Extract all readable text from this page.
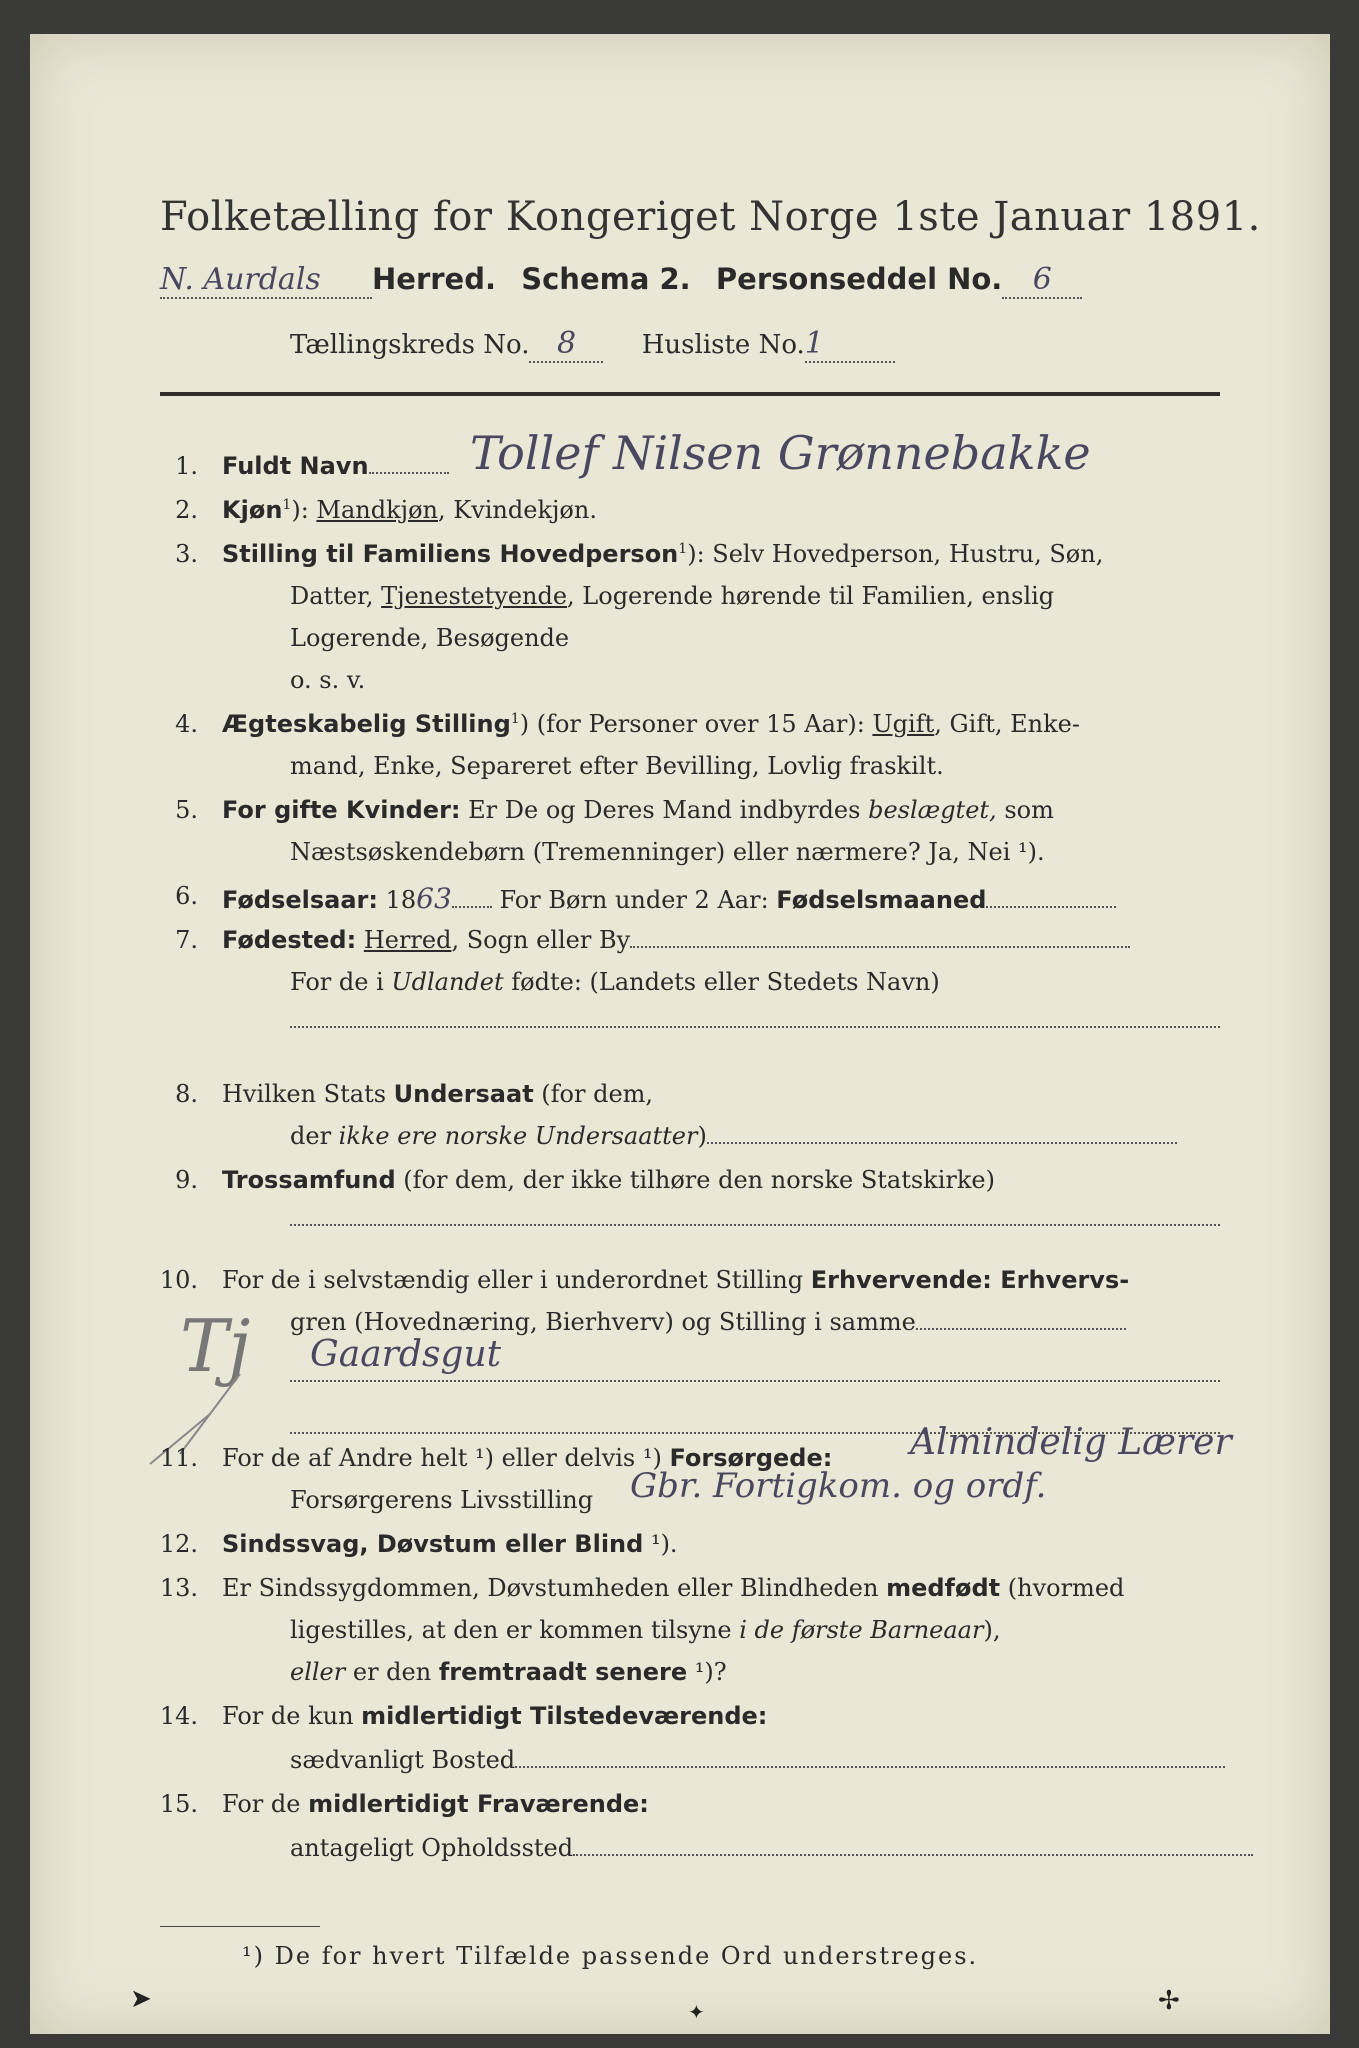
Folketælling for Kongeriget Norge 1ste Januar 1891.
N. Aurdals Herred. Schema 2. Personseddel No. 6
Tællingskreds No. 8	Husliste No.1
1. Fuldt Navn	Tollef Nilsen Grønnebakke
2. Kjøn$^1$): Mandkjøn, Kvindekjøn.
3. Stilling til Familiens Hovedperson$^1$): Selv Hovedperson, Hustru, Søn,
Datter, Tjenestetyende, Logerende hørende til Familien, enslig
Logerende, Besøgende
o. s. v.
4. Ægteskabelig Stilling$^1$) (for Personer over 15 Aar): Ugift, Gift, Enke-
mand, Enke, Separeret efter Bevilling, Lovlig fraskilt.
5. For gifte Kvinder: Er De og Deres Mand indbyrdes beslægtet, som
Næstsøskendebørn (Tremenninger) eller nærmere? Ja, Nei ¹).
6. Fødselsaar: 1863 For Børn under 2 Aar: Fødselsmaaned
7. Fødested: Herred, Sogn eller By
For de i Udlandet fødte: (Landets eller Stedets Navn)
8. Hvilken Stats Undersaat (for dem,
der ikke ere norske Undersaatter)
9. Trossamfund (for dem, der ikke tilhøre den norske Statskirke)
10. For de i selvstændig eller i underordnet Stilling Erhvervende: Erhvervs-
gren (Hovednæring, Bierhverv) og Stilling i samme
Gaardsgut
Tj
11. For de af Andre helt ¹) eller delvis ¹) Forsørgede: Almindelig Lærer
Forsørgerens Livsstilling Gbr. Fortigkom. og ordf.
12. Sindssvag, Døvstum eller Blind ¹).
13. Er Sindssygdommen, Døvstumheden eller Blindheden medfødt (hvormed
ligestilles, at den er kommen tilsyne i de første Barneaar),
eller er den fremtraadt senere ¹)?
14. For de kun midlertidigt Tilstedeværende:
sædvanligt Bosted
15. For de midlertidigt Fraværende:
antageligt Opholdssted
¹) De for hvert Tilfælde passende Ord understreges.
➤	✦	✢
